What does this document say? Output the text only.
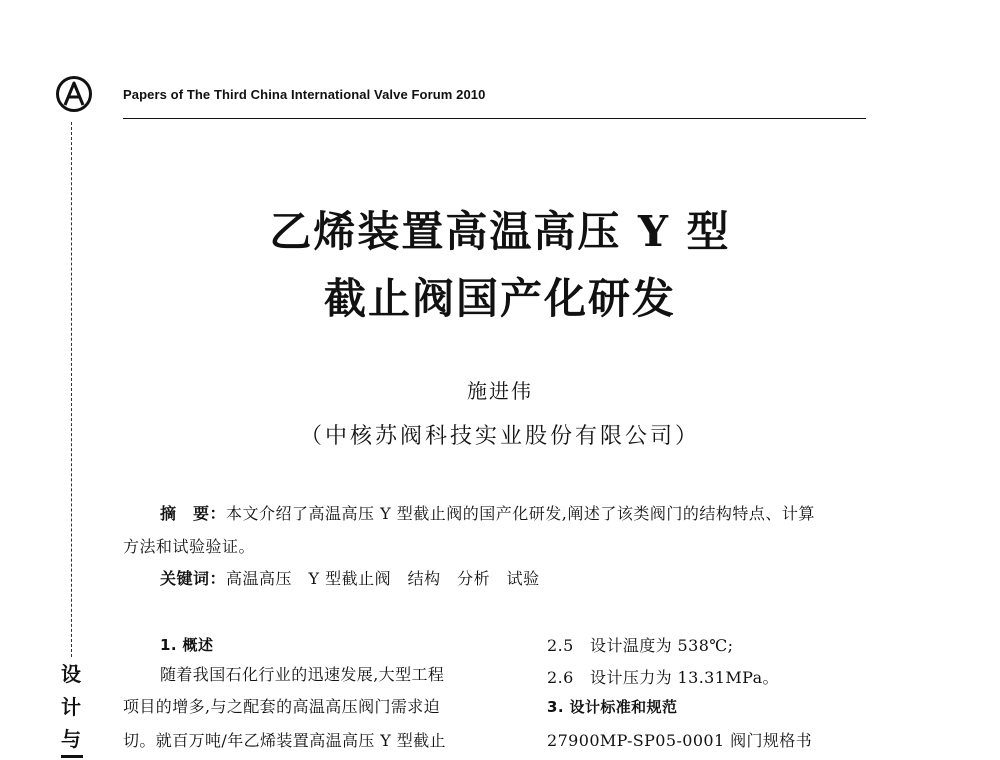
Papers of The Third China International Valve Forum 2010
设
计
与
乙烯装置高温高压 Y 型
截止阀国产化研发
施进伟
（中核苏阀科技实业股份有限公司）
摘　要：本文介绍了高温高压 Y 型截止阀的国产化研发,阐述了该类阀门的结构特点、计算
方法和试验验证。
关键词：高温高压　Y 型截止阀　结构　分析　试验
1. 概述
随着我国石化行业的迅速发展,大型工程
项目的增多,与之配套的高温高压阀门需求迫
切。就百万吨/年乙烯装置高温高压 Y 型截止
2.5　设计温度为 538℃;
2.6　设计压力为 13.31MPa。
3. 设计标准和规范
27900MP-SP05-0001 阀门规格书
